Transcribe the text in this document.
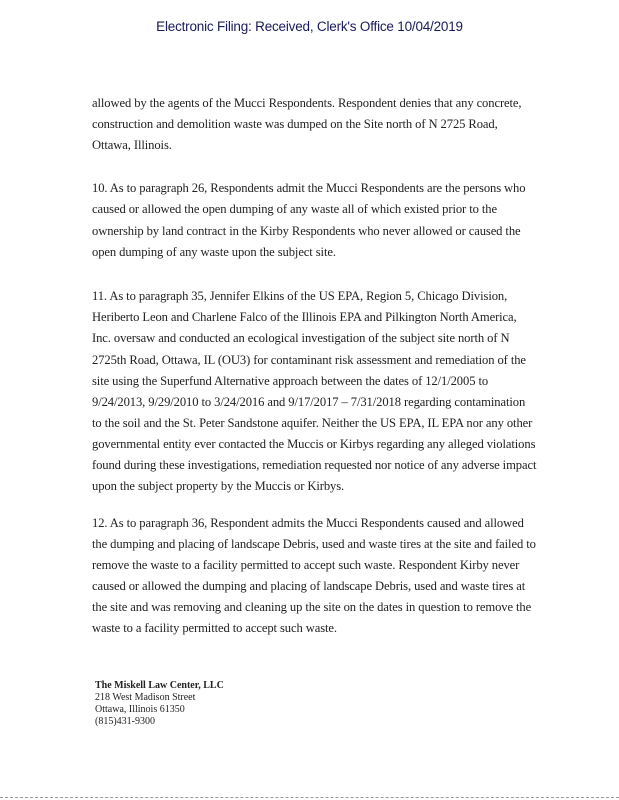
Electronic Filing: Received, Clerk's Office 10/04/2019
allowed by the agents of the Mucci Respondents. Respondent denies that any concrete,
construction and demolition waste was dumped on the Site north of N 2725 Road,
Ottawa, Illinois.
10. As to paragraph 26, Respondents admit the Mucci Respondents are the persons who
caused or allowed the open dumping of any waste all of which existed prior to the
ownership by land contract in the Kirby Respondents who never allowed or caused the
open dumping of any waste upon the subject site.
11. As to paragraph 35, Jennifer Elkins of the US EPA, Region 5, Chicago Division,
Heriberto Leon and Charlene Falco of the Illinois EPA and Pilkington North America,
Inc. oversaw and conducted an ecological investigation of the subject site north of N
2725th Road, Ottawa, IL (OU3) for contaminant risk assessment and remediation of the
site using the Superfund Alternative approach between the dates of 12/1/2005 to
9/24/2013, 9/29/2010 to 3/24/2016 and 9/17/2017 – 7/31/2018 regarding contamination
to the soil and the St. Peter Sandstone aquifer. Neither the US EPA, IL EPA nor any other
governmental entity ever contacted the Muccis or Kirbys regarding any alleged violations
found during these investigations, remediation requested nor notice of any adverse impact
upon the subject property by the Muccis or Kirbys.
12. As to paragraph 36, Respondent admits the Mucci Respondents caused and allowed
the dumping and placing of landscape Debris, used and waste tires at the site and failed to
remove the waste to a facility permitted to accept such waste. Respondent Kirby never
caused or allowed the dumping and placing of landscape Debris, used and waste tires at
the site and was removing and cleaning up the site on the dates in question to remove the
waste to a facility permitted to accept such waste.
The Miskell Law Center, LLC
218 West Madison Street
Ottawa, Illinois 61350
(815)431-9300
